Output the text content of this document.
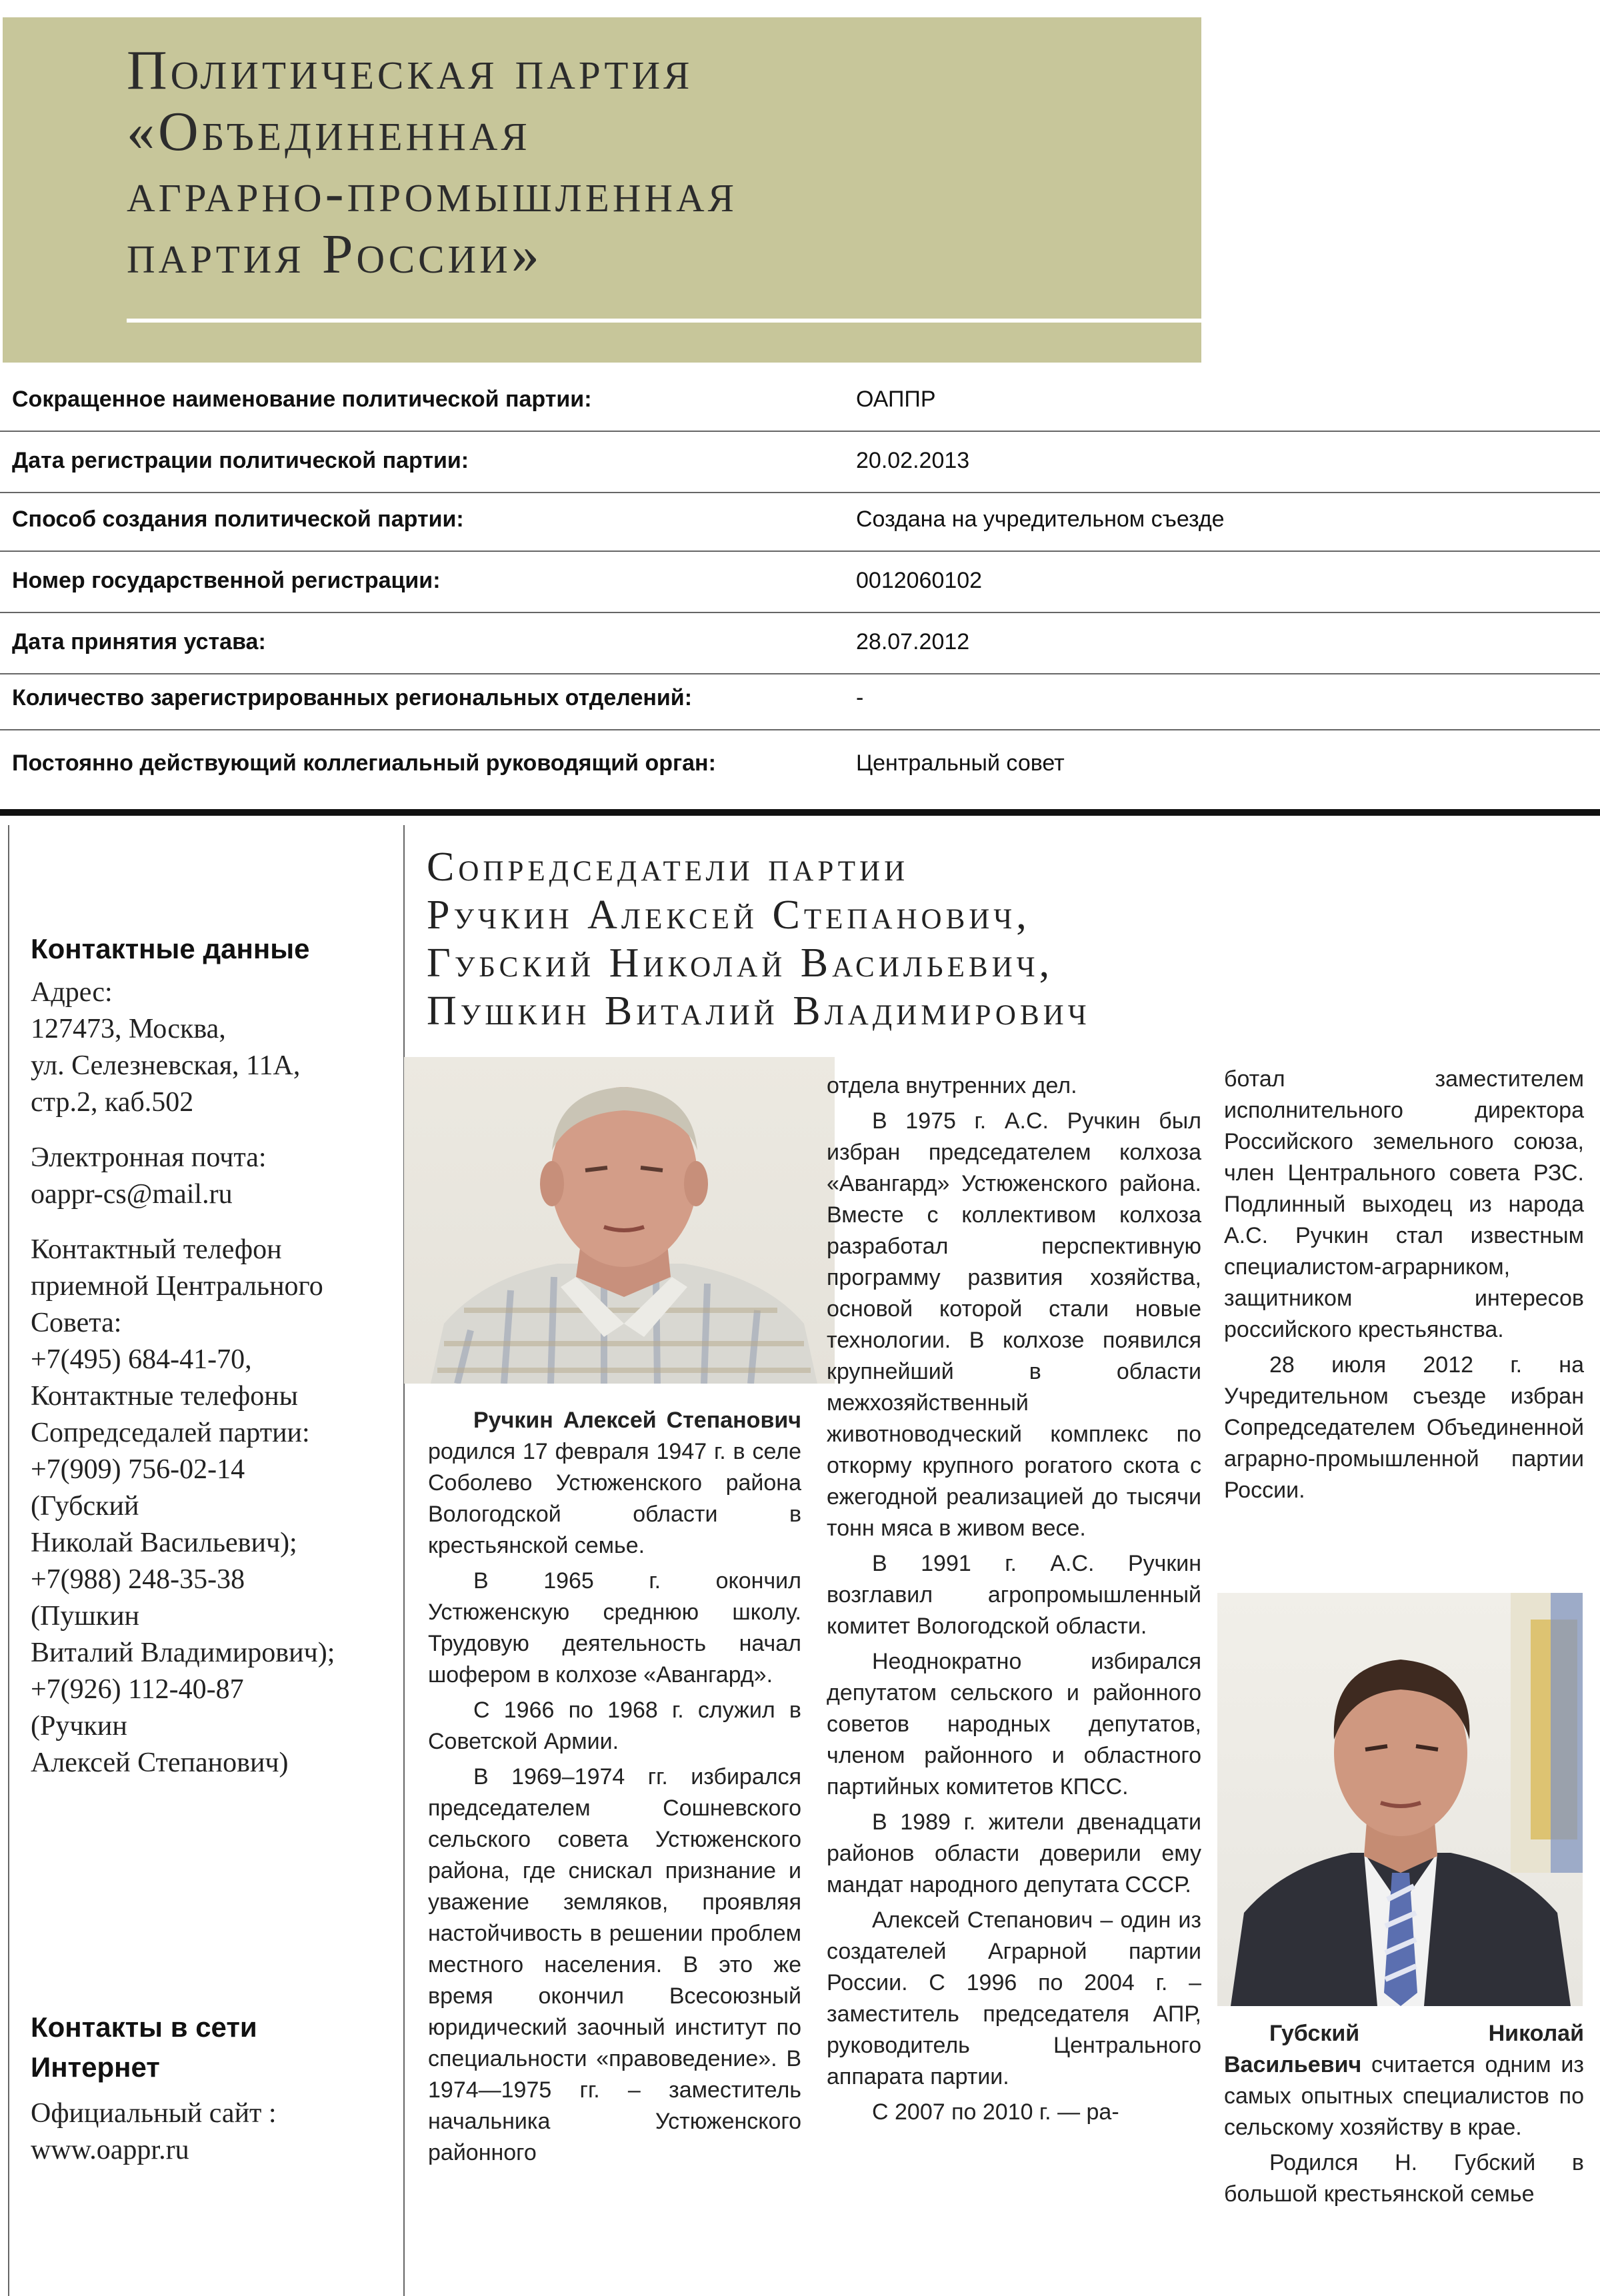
Политическая партия
«Объединенная
аграрно-промышленная
партия России»
Сокращенное наименование политической партии:	ОАППР
Дата регистрации политической партии:	20.02.2013
Способ создания политической партии:	Создана на учредительном съезде
Номер государственной регистрации:	0012060102
Дата принятия устава:	28.07.2012
Количество зарегистрированных региональных отделений:	-
Постоянно действующий коллегиальный руководящий орган:	Центральный совет
Контактные данные

Адрес:
127473, Москва,
ул. Селезневская, 11А,
стр.2, каб.502

Электронная почта:
oappr-cs@mail.ru

Контактный телефон
приемной Центрального
Совета:
+7(495) 684-41-70,
Контактные телефоны
Сопредседалей партии:
+7(909) 756-02-14
(Губский
Николай Васильевич);
+7(988) 248-35-38
(Пушкин
Виталий Владимирович);
+7(926) 112-40-87
(Ручкин
Алексей Степанович)

Контакты в сети
Интернет
Официальный сайт :
www.oappr.ru
Сопредседатели партии
Ручкин Алексей Степанович,
Губский Николай Васильевич,
Пушкин Виталий Владимирович

Ручкин Алексей Степанович родился 17 февраля 1947 г. в селе Соболево Устюженского района Вологодской области в крестьянской семье.

В 1965 г. окончил Устюженскую среднюю школу. Трудовую деятельность начал шофером в колхозе «Авангард».

С 1966 по 1968 г. служил в Советской Армии.

В 1969–1974 гг. избирался председателем Сошневского сельского совета Устюженского района, где снискал признание и уважение земляков, проявляя настойчивость в решении проблем местного населения. В это же время окончил Всесоюзный юридический заочный институт по специальности «правоведение». В 1974—1975 гг. – заместитель начальника Устюженского районного

отдела внутренних дел.

В 1975 г. А.С. Ручкин был избран председателем колхоза «Авангард» Устюженского района. Вместе с коллективом колхоза разработал перспективную программу развития хозяйства, основой которой стали новые технологии. В колхозе появился крупнейший в области межхозяйственный животноводческий комплекс по откорму крупного рогатого скота с ежегодной реализацией до тысячи тонн мяса в живом весе.

В 1991 г. А.С. Ручкин возглавил агропромышленный комитет Вологодской области.

Неоднократно избирался депутатом сельского и районного советов народных депутатов, членом районного и областного партийных комитетов КПСС.

В 1989 г. жители двенадцати районов области доверили ему мандат народного депутата СССР.

Алексей Степанович – один из создателей Аграрной партии России. С 1996 по 2004 г. – заместитель председателя АПР, руководитель Центрального аппарата партии.

С 2007 по 2010 г. — ра-

ботал заместителем исполнительного директора Российского земельного союза, член Центрального совета РЗС. Подлинный выходец из народа А.С. Ручкин стал известным специалистом-аграрником, защитником интересов российского крестьянства.

28 июля 2012 г. на Учредительном съезде избран Сопредседателем Объединенной аграрно-промышленной партии России.

Губский Николай Васильевич считается одним из самых опытных специалистов по сельскому хозяйству в крае.

Родился Н. Губский в большой крестьянской семье
